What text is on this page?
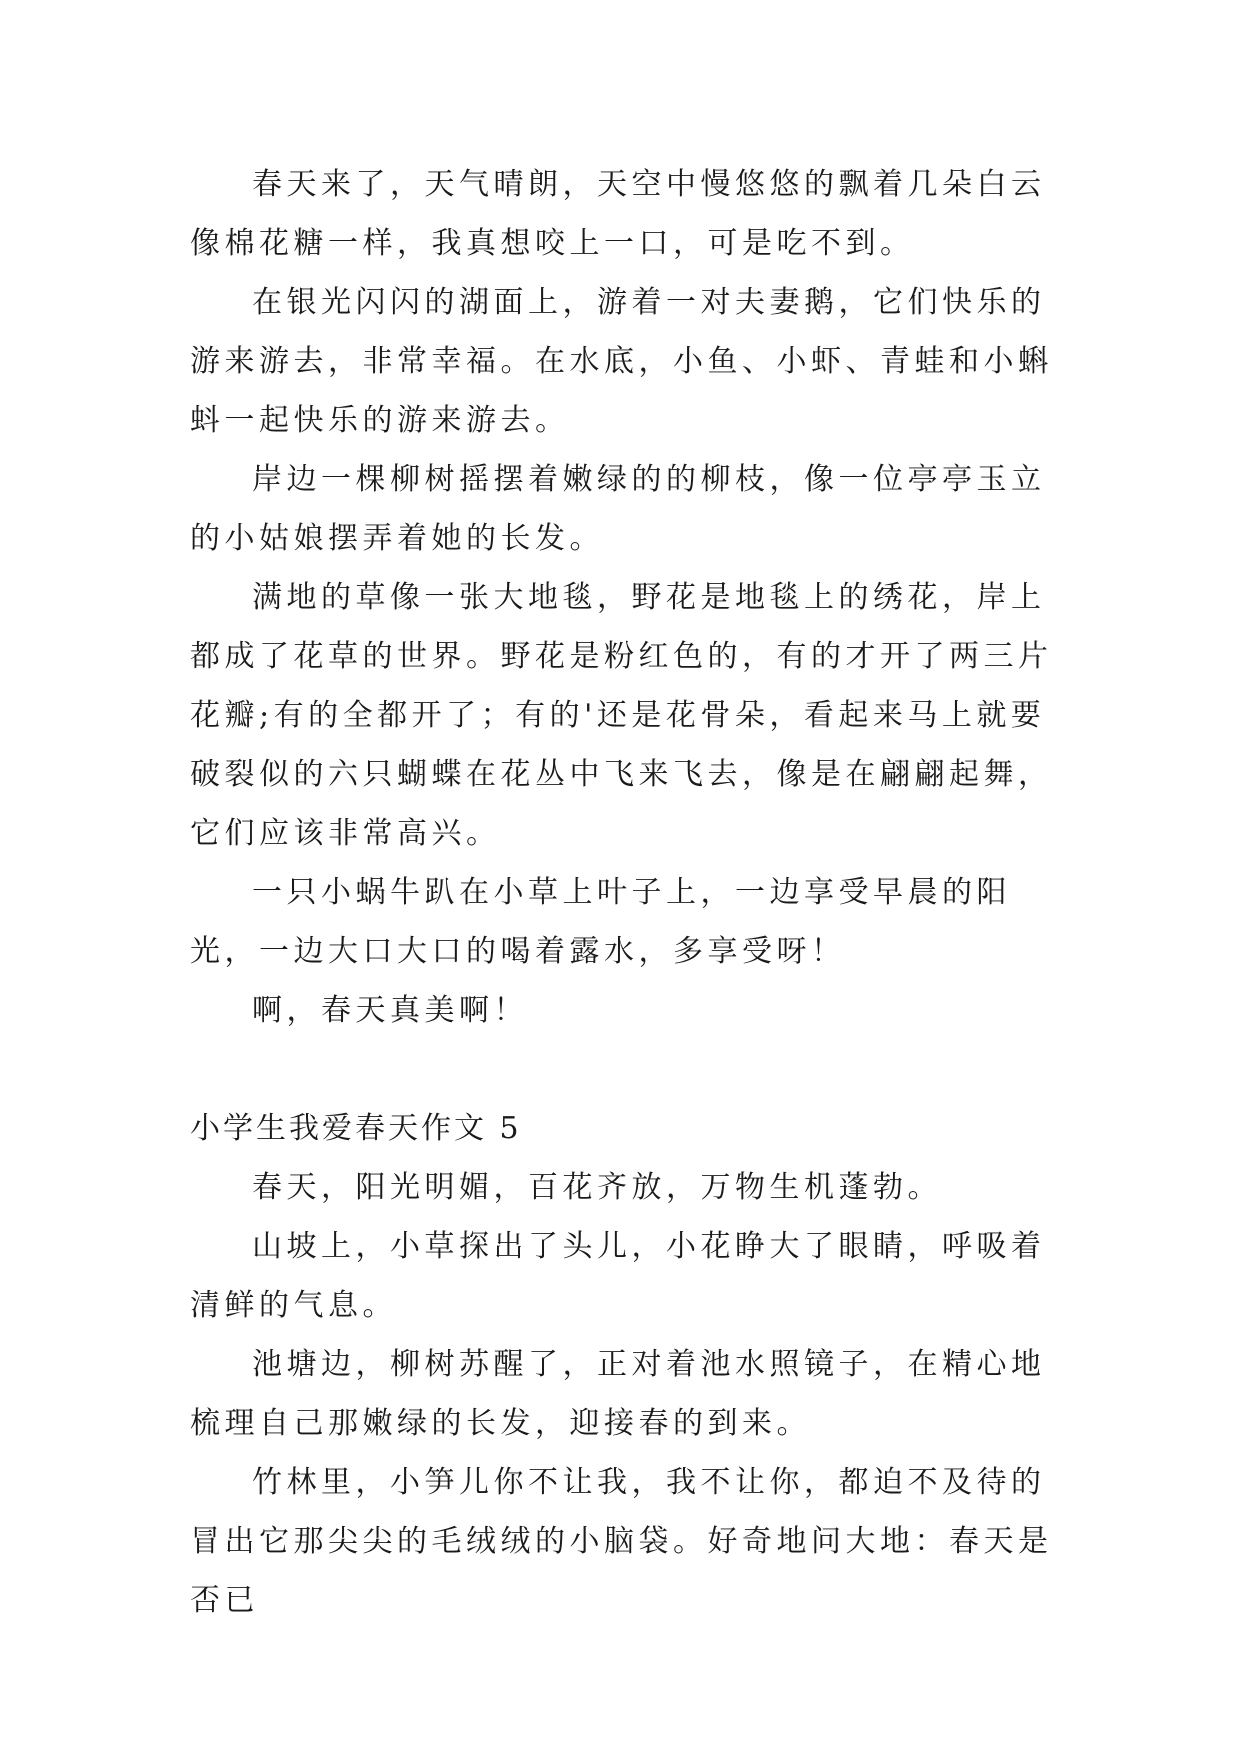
春天来了，天气晴朗，天空中慢悠悠的飘着几朵白云像棉花糖一样，我真想咬上一口，可是吃不到。

在银光闪闪的湖面上，游着一对夫妻鹅，它们快乐的游来游去，非常幸福。在水底，小鱼、小虾、青蛙和小蝌蚪一起快乐的游来游去。

岸边一棵柳树摇摆着嫩绿的的柳枝，像一位亭亭玉立的小姑娘摆弄着她的长发。

满地的草像一张大地毯，野花是地毯上的绣花，岸上都成了花草的世界。野花是粉红色的，有的才开了两三片花瓣;有的全都开了；有的'还是花骨朵，看起来马上就要破裂似的六只蝴蝶在花丛中飞来飞去，像是在翩翩起舞，它们应该非常高兴。

一只小蜗牛趴在小草上叶子上，一边享受早晨的阳光，一边大口大口的喝着露水，多享受呀！

啊，春天真美啊！

小学生我爱春天作文 5

春天，阳光明媚，百花齐放，万物生机蓬勃。

山坡上，小草探出了头儿，小花睁大了眼睛，呼吸着清鲜的气息。

池塘边，柳树苏醒了，正对着池水照镜子，在精心地梳理自己那嫩绿的长发，迎接春的到来。

竹林里，小笋儿你不让我，我不让你，都迫不及待的冒出它那尖尖的毛绒绒的小脑袋。好奇地问大地：春天是否已
